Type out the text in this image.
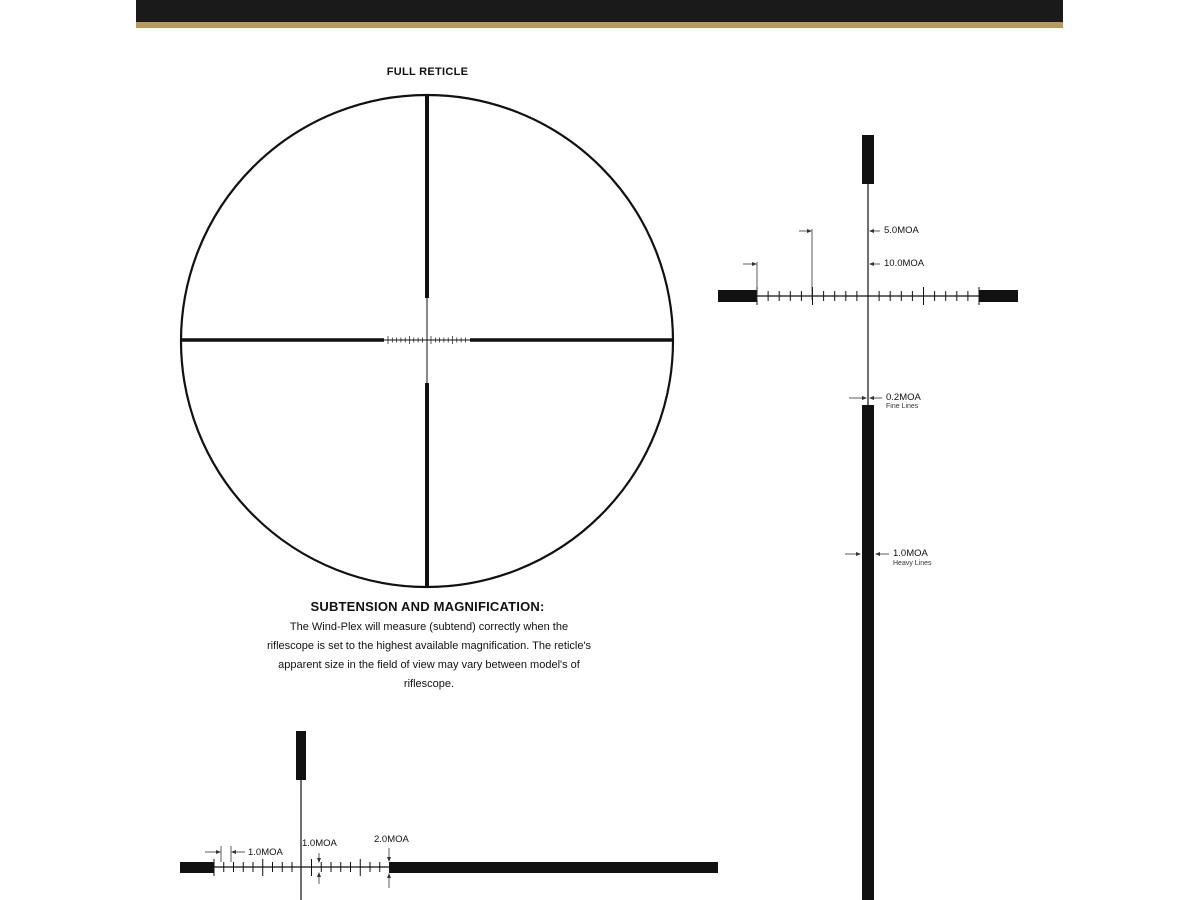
FULL RETICLE
SUBTENSION AND MAGNIFICATION:
The Wind-Plex will measure (subtend) correctly when the
riflescope is set to the highest available magnification. The reticle's
apparent size in the field of view may vary between model's of
riflescope.
5.0MOA
10.0MOA
0.2MOA
Fine Lines
1.0MOA
Heavy Lines
1.0MOA
1.0MOA	2.0MOA
